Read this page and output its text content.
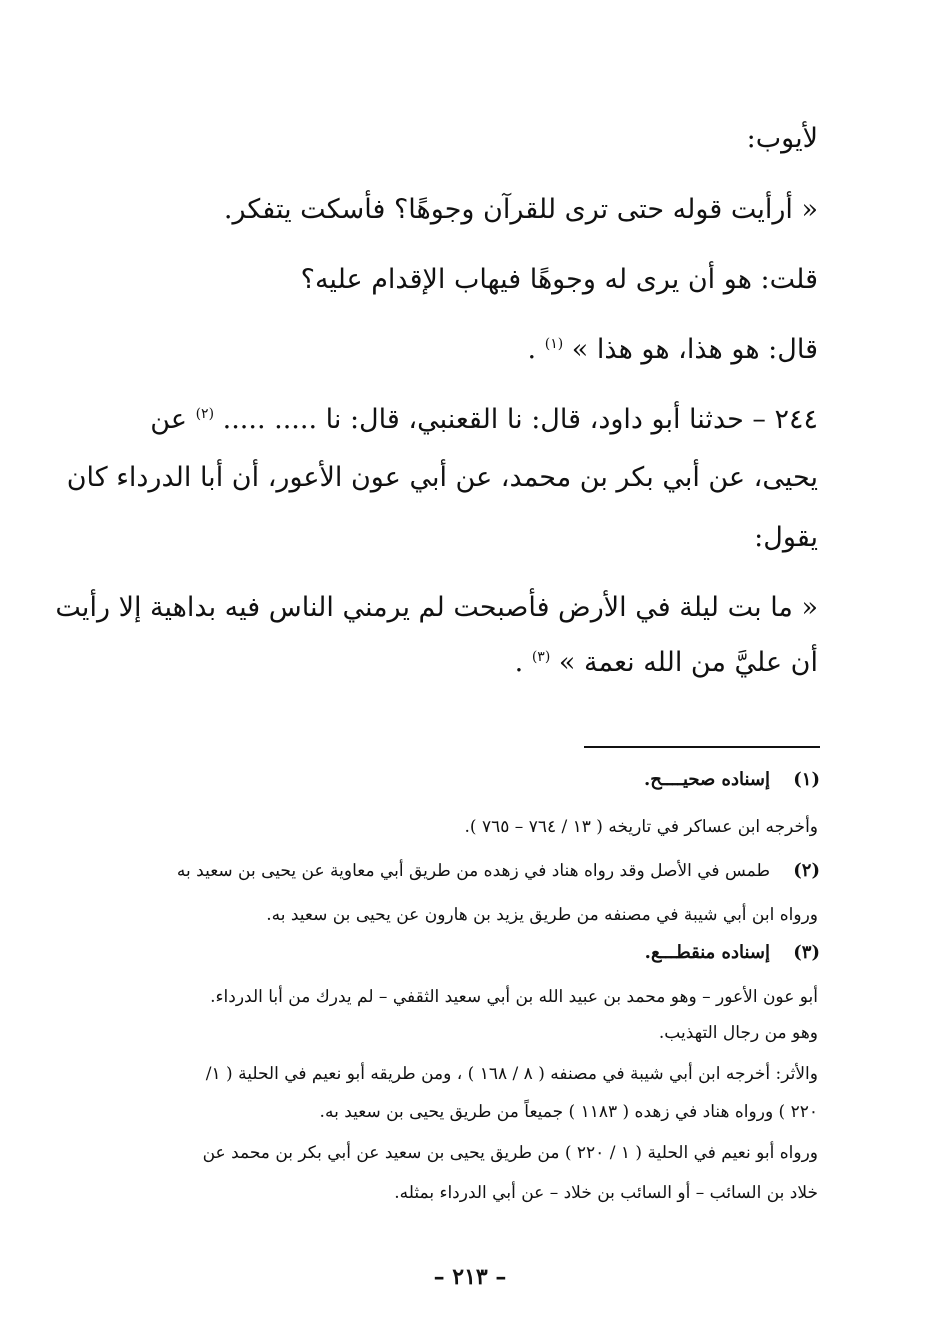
لأيوب:
« أرأيت قوله حتى ترى للقرآن وجوهًا؟ فأسكت يتفكر.
قلت: هو أن يرى له وجوهًا فيهاب الإقدام عليه؟
قال: هو هذا، هو هذا » $^{(١)}$ .
٢٤٤ – حدثنا أبو داود، قال: نا القعنبي، قال: نا ..... ..... $^{(٢)}$ عن
يحيى، عن أبي بكر بن محمد، عن أبي عون الأعور، أن أبا الدرداء كان
يقول:
« ما بت ليلة في الأرض فأصبحت لم يرمني الناس فيه بداهية إلا رأيت
أن عليَّ من الله نعمة » $^{(٣)}$ .
(١)
إسناده صحيــــح.
وأخرجه ابن عساكر في تاريخه ( ١٣ / ٧٦٤ – ٧٦٥ ).
(٢)
طمس في الأصل وقد رواه هناد في زهده من طريق أبي معاوية عن يحيى بن سعيد به
ورواه ابن أبي شيبة في مصنفه من طريق يزيد بن هارون عن يحيى بن سعيد به.
(٣)
إسناده منقطـــع.
أبو عون الأعور – وهو محمد بن عبيد الله بن أبي سعيد الثقفي – لم يدرك من أبا الدرداء.
وهو من رجال التهذيب.
والأثر: أخرجه ابن أبي شيبة في مصنفه ( ٨ / ١٦٨ ) ، ومن طريقه أبو نعيم في الحلية ( ١/
٢٢٠ ) ورواه هناد في زهده ( ١١٨٣ ) جميعاً من طريق يحيى بن سعيد به.
ورواه أبو نعيم في الحلية ( ١ / ٢٢٠ ) من طريق يحيى بن سعيد عن أبي بكر بن محمد عن
خلاد بن السائب – أو السائب بن خلاد – عن أبي الدرداء بمثله.
– ٢١٣ –
